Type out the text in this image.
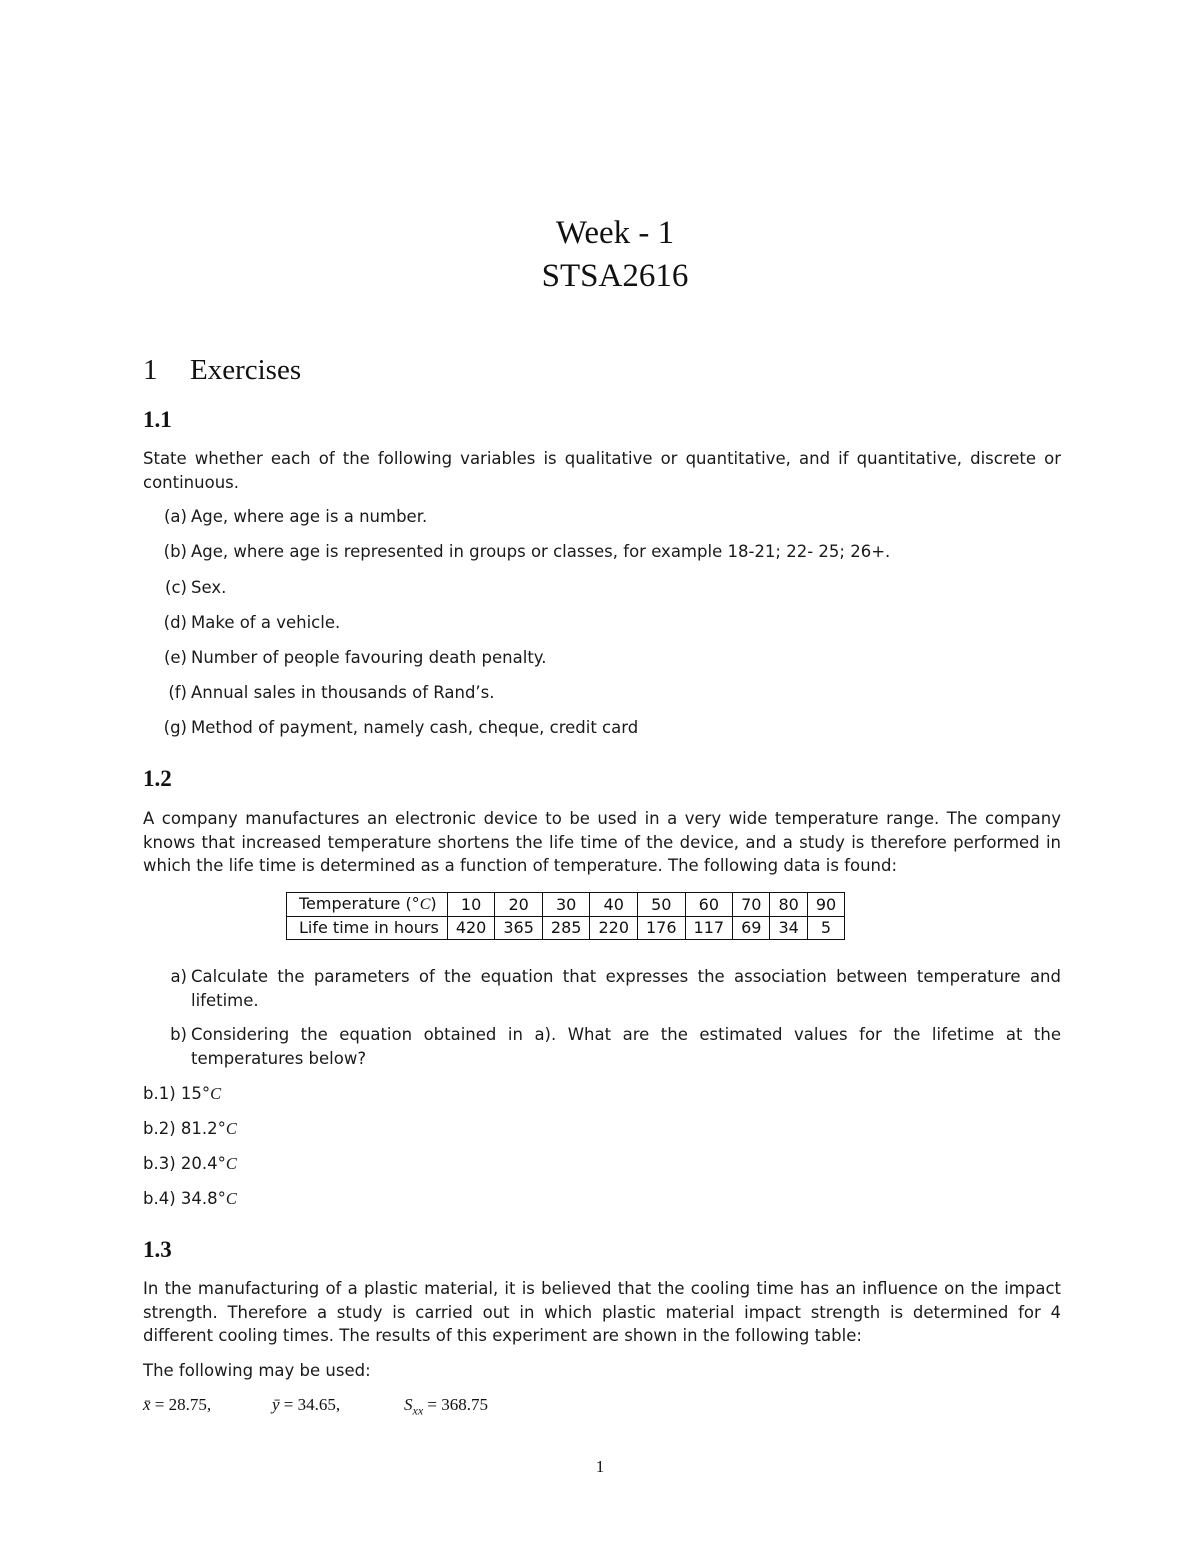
Week - 1
STSA2616
1 Exercises
1.1
State whether each of the following variables is qualitative or quantitative, and if quantitative, discrete or continuous.
(a) Age, where age is a number.
(b) Age, where age is represented in groups or classes, for example 18-21; 22- 25; 26+.
(c) Sex.
(d) Make of a vehicle.
(e) Number of people favouring death penalty.
(f) Annual sales in thousands of Rand’s.
(g) Method of payment, namely cash, cheque, credit card
1.2
A company manufactures an electronic device to be used in a very wide temperature range. The company knows that increased temperature shortens the life time of the device, and a study is therefore performed in which the life time is determined as a function of temperature. The following data is found:
Temperature (°C)	10	20	30	40	50	60	70	80	90
Life time in hours	420	365	285	220	176	117	69	34	5
a) Calculate the parameters of the equation that expresses the association between temperature and lifetime.
b) Considering the equation obtained in a). What are the estimated values for the lifetime at the temperatures below?
b.1) 15°C
b.2) 81.2°C
b.3) 20.4°C
b.4) 34.8°C
1.3
In the manufacturing of a plastic material, it is believed that the cooling time has an influence on the impact strength. Therefore a study is carried out in which plastic material impact strength is determined for 4 different cooling times. The results of this experiment are shown in the following table:
The following may be used:
x̄ = 28.75,	ȳ = 34.65,	$S_{xx} = 368.75$
1
